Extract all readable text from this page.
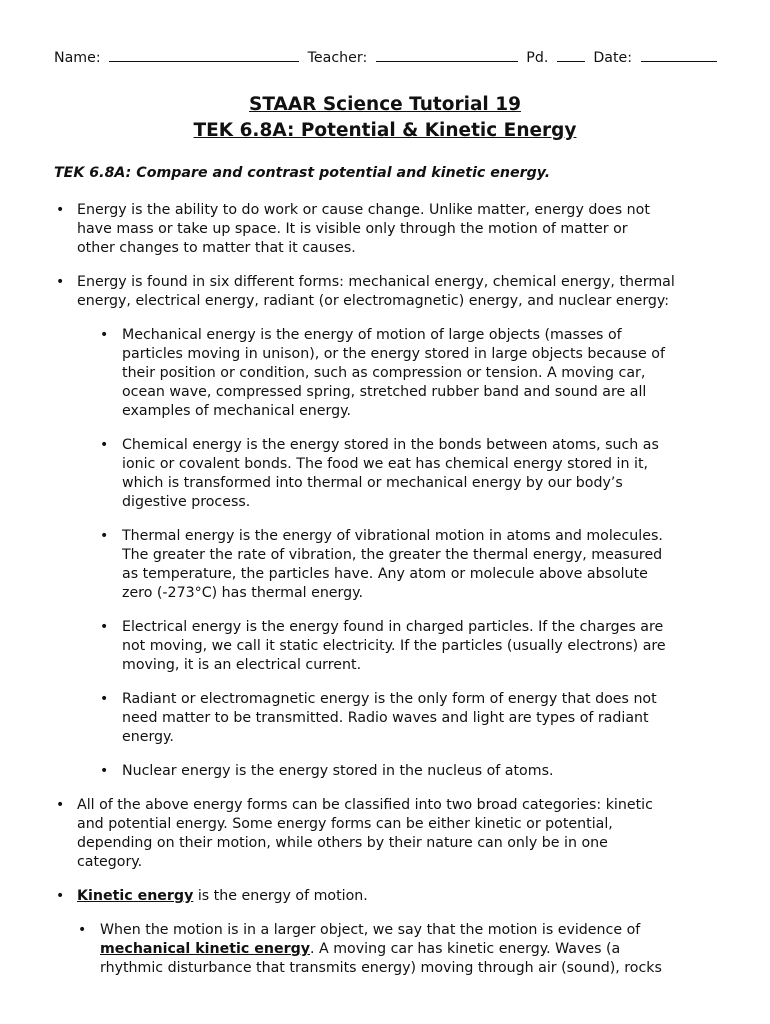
Name:	Teacher:	Pd.	Date:
STAAR Science Tutorial 19
TEK 6.8A: Potential & Kinetic Energy
TEK 6.8A: Compare and contrast potential and kinetic energy.
• Energy is the ability to do work or cause change. Unlike matter, energy does not
have mass or take up space. It is visible only through the motion of matter or
other changes to matter that it causes.
• Energy is found in six different forms: mechanical energy, chemical energy, thermal
energy, electrical energy, radiant (or electromagnetic) energy, and nuclear energy:
• Mechanical energy is the energy of motion of large objects (masses of
particles moving in unison), or the energy stored in large objects because of
their position or condition, such as compression or tension. A moving car,
ocean wave, compressed spring, stretched rubber band and sound are all
examples of mechanical energy.
• Chemical energy is the energy stored in the bonds between atoms, such as
ionic or covalent bonds. The food we eat has chemical energy stored in it,
which is transformed into thermal or mechanical energy by our body’s
digestive process.
• Thermal energy is the energy of vibrational motion in atoms and molecules.
The greater the rate of vibration, the greater the thermal energy, measured
as temperature, the particles have. Any atom or molecule above absolute
zero (-273°C) has thermal energy.
• Electrical energy is the energy found in charged particles. If the charges are
not moving, we call it static electricity. If the particles (usually electrons) are
moving, it is an electrical current.
• Radiant or electromagnetic energy is the only form of energy that does not
need matter to be transmitted. Radio waves and light are types of radiant
energy.
• Nuclear energy is the energy stored in the nucleus of atoms.
• All of the above energy forms can be classified into two broad categories: kinetic
and potential energy. Some energy forms can be either kinetic or potential,
depending on their motion, while others by their nature can only be in one
category.
• Kinetic energy is the energy of motion.
• When the motion is in a larger object, we say that the motion is evidence of
mechanical kinetic energy. A moving car has kinetic energy. Waves (a
rhythmic disturbance that transmits energy) moving through air (sound), rocks
